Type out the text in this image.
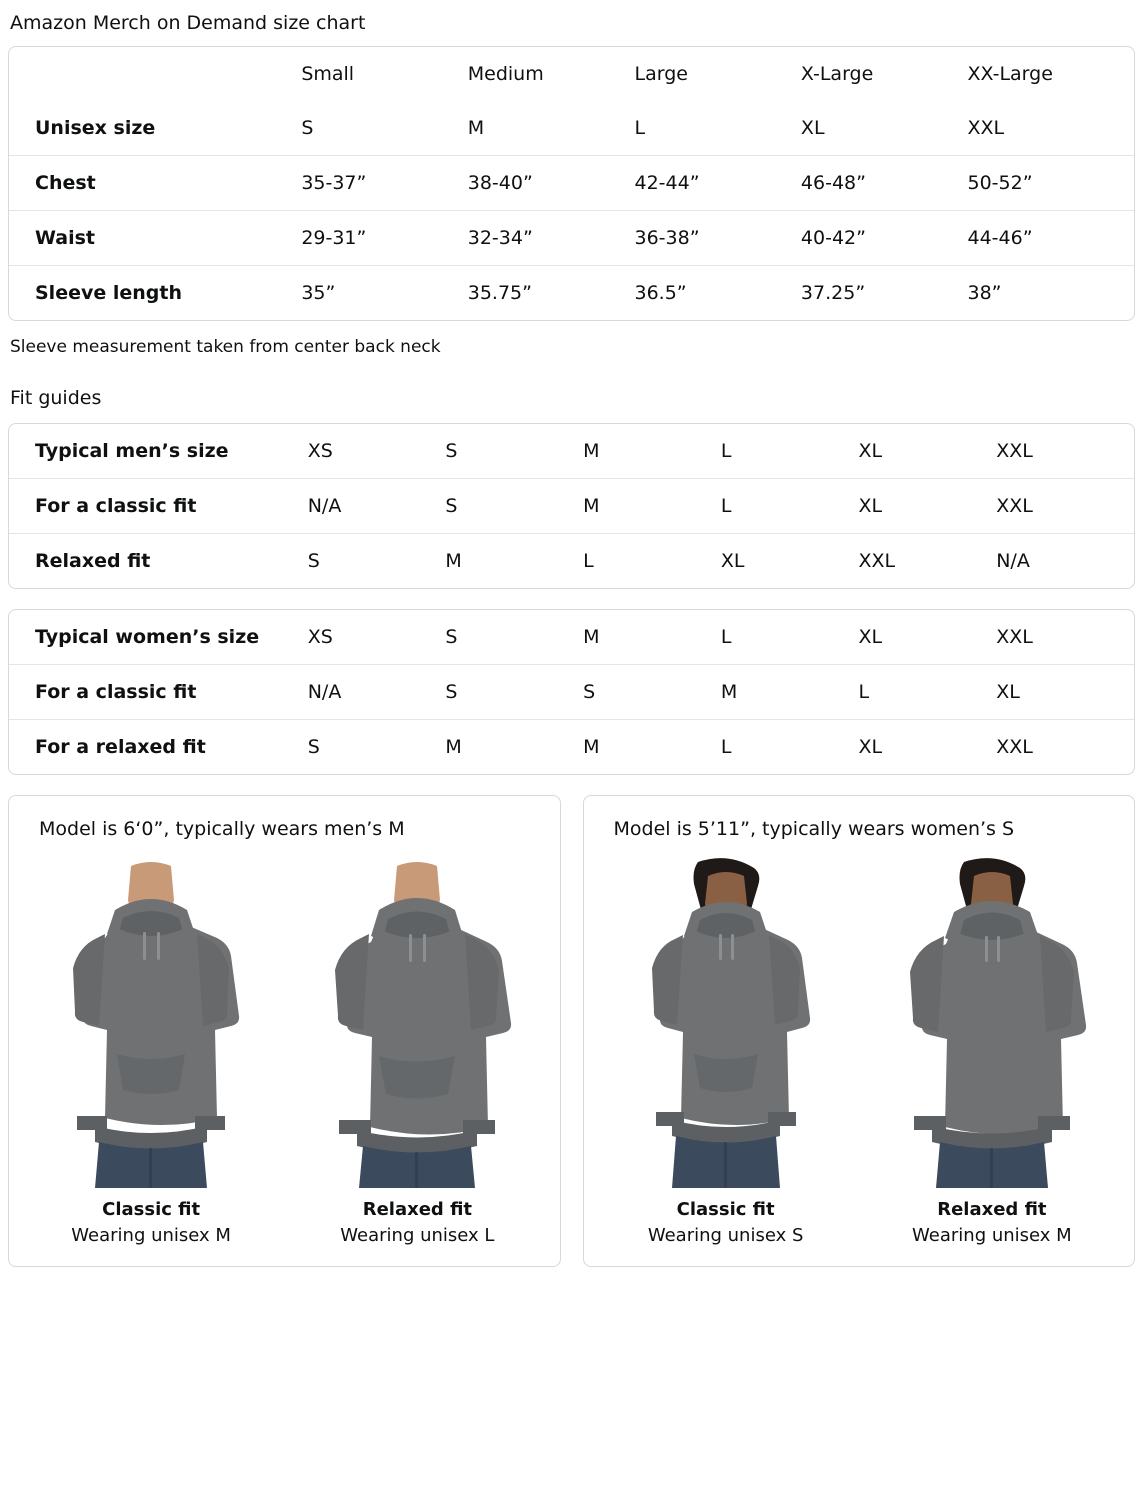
Amazon Merch on Demand size chart
	Small	Medium	Large	X-Large	XX-Large
Unisex size	S	M	L	XL	XXL
Chest	35-37”	38-40”	42-44”	46-48”	50-52”
Waist	29-31”	32-34”	36-38”	40-42”	44-46”
Sleeve length	35”	35.75”	36.5”	37.25”	38”
Sleeve measurement taken from center back neck
Fit guides
Typical men’s size	XS	S	M	L	XL	XXL
For a classic fit	N/A	S	M	L	XL	XXL
Relaxed fit	S	M	L	XL	XXL	N/A
Typical women’s size	XS	S	M	L	XL	XXL
For a classic fit	N/A	S	S	M	L	XL
For a relaxed fit	S	M	M	L	XL	XXL
Model is 6‘0”, typically wears men’s M
Classic fit
Wearing unisex M
Relaxed fit
Wearing unisex L
Model is 5’11”, typically wears women’s S
Classic fit
Wearing unisex S
Relaxed fit
Wearing unisex M
